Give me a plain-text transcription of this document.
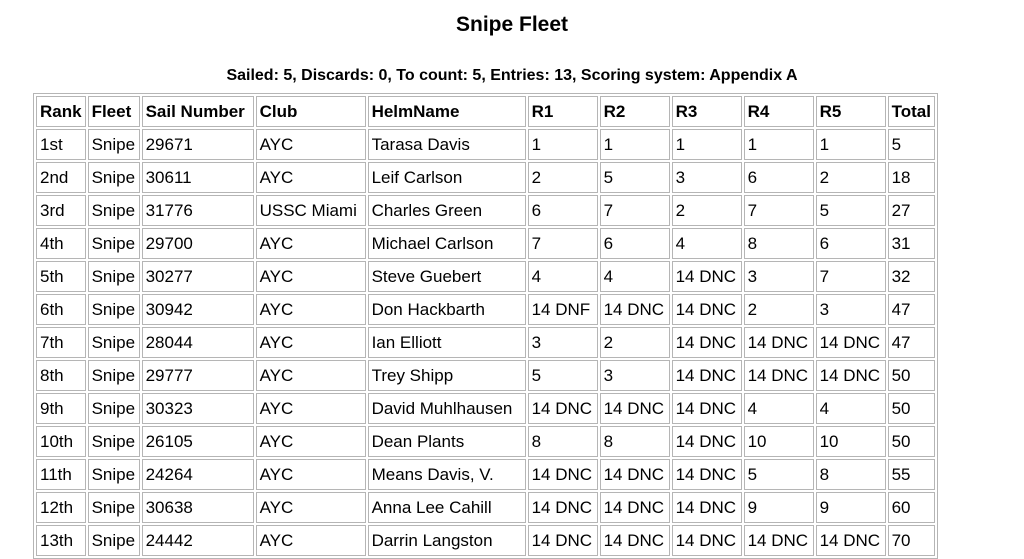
Snipe Fleet
Sailed: 5, Discards: 0, To count: 5, Entries: 13, Scoring system: Appendix A
Rank	Fleet	Sail Number	Club	HelmName	R1	R2	R3	R4	R5	Total
1st	Snipe	29671	AYC	Tarasa Davis	1	1	1	1	1	5
2nd	Snipe	30611	AYC	Leif Carlson	2	5	3	6	2	18
3rd	Snipe	31776	USSC Miami	Charles Green	6	7	2	7	5	27
4th	Snipe	29700	AYC	Michael Carlson	7	6	4	8	6	31
5th	Snipe	30277	AYC	Steve Guebert	4	4	14 DNC	3	7	32
6th	Snipe	30942	AYC	Don Hackbarth	14 DNF	14 DNC	14 DNC	2	3	47
7th	Snipe	28044	AYC	Ian Elliott	3	2	14 DNC	14 DNC	14 DNC	47
8th	Snipe	29777	AYC	Trey Shipp	5	3	14 DNC	14 DNC	14 DNC	50
9th	Snipe	30323	AYC	David Muhlhausen	14 DNC	14 DNC	14 DNC	4	4	50
10th	Snipe	26105	AYC	Dean Plants	8	8	14 DNC	10	10	50
11th	Snipe	24264	AYC	Means Davis, V.	14 DNC	14 DNC	14 DNC	5	8	55
12th	Snipe	30638	AYC	Anna Lee Cahill	14 DNC	14 DNC	14 DNC	9	9	60
13th	Snipe	24442	AYC	Darrin Langston	14 DNC	14 DNC	14 DNC	14 DNC	14 DNC	70
